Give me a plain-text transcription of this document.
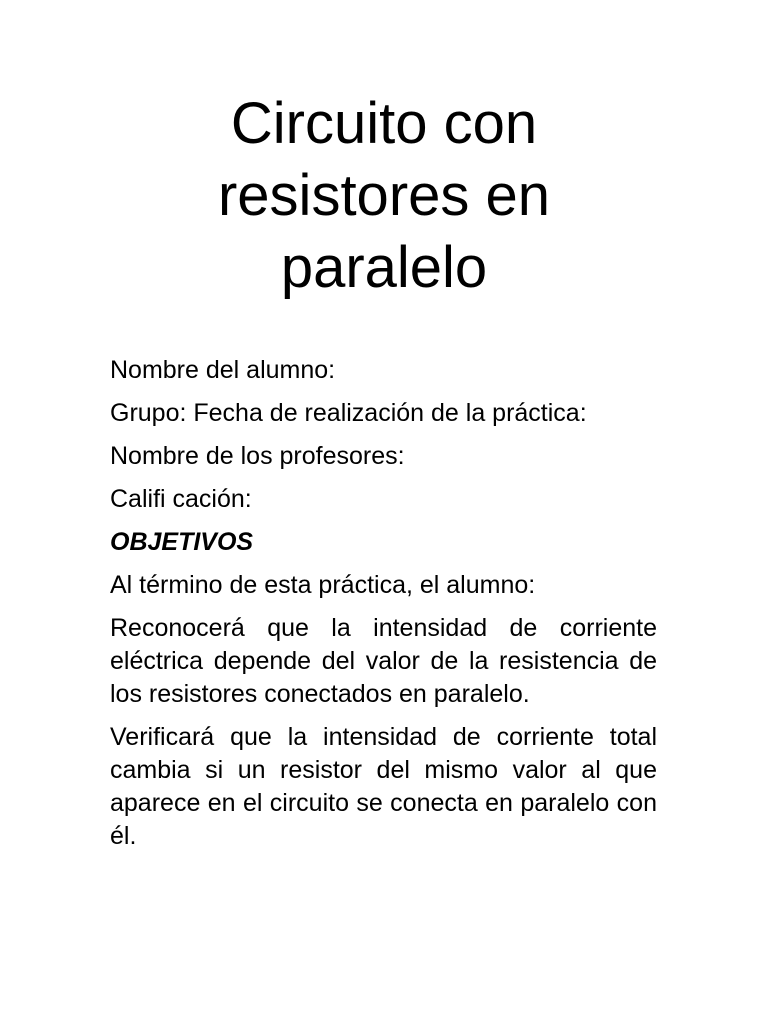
Circuito con
resistores en
paralelo

Nombre del alumno:

Grupo: Fecha de realización de la práctica:

Nombre de los profesores:

Califi cación:

OBJETIVOS

Al término de esta práctica, el alumno:

Reconocerá que la intensidad de corriente eléctrica depende del valor de la resistencia de los resistores conectados en paralelo.

Verificará que la intensidad de corriente total cambia si un resistor del mismo valor al que aparece en el circuito se conecta en paralelo con él.
